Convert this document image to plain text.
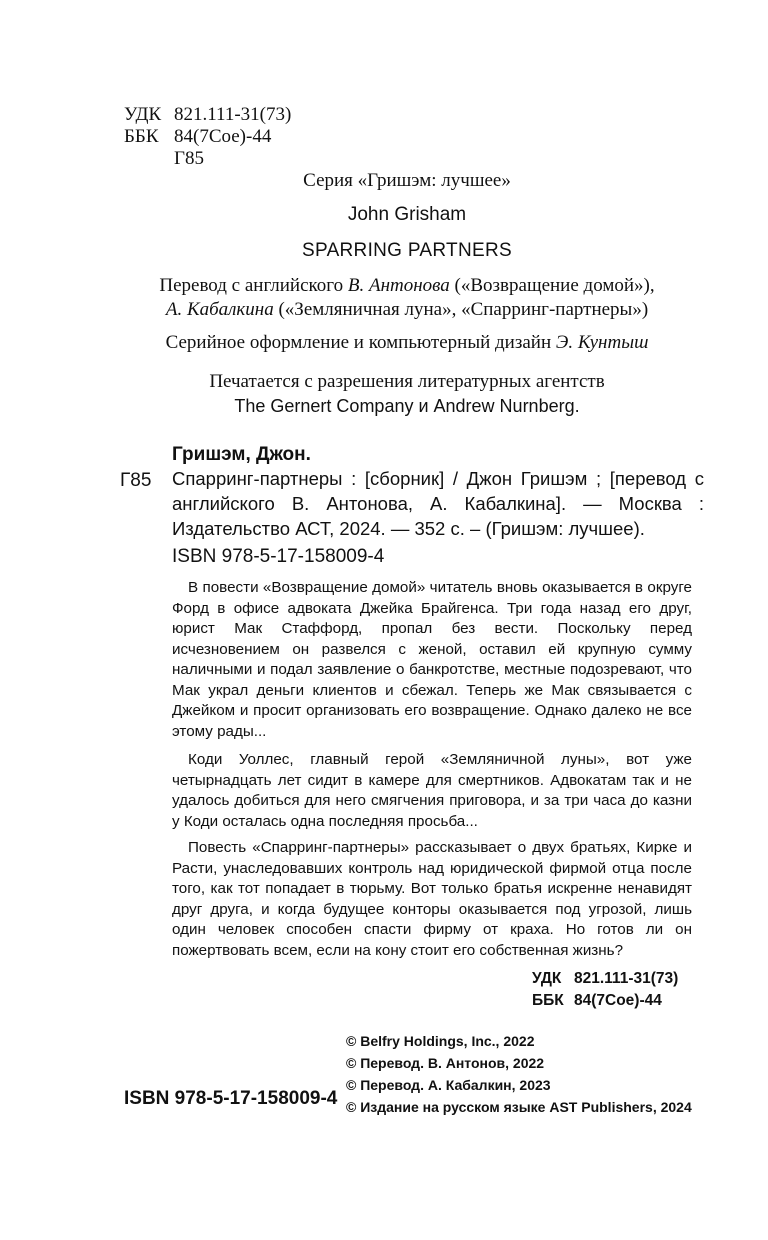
УДК 821.111-31(73)
ББК 84(7Сое)-44
Г85
Серия «Гришэм: лучшее»
John Grisham
SPARRING PARTNERS
Перевод с английского В. Антонова («Возвращение домой»),
А. Кабалкина («Земляничная луна», «Спарринг-партнеры»)
Серийное оформление и компьютерный дизайн Э. Кунтыш
Печатается с разрешения литературных агентств
The Gernert Company и Andrew Nurnberg.
Гришэм, Джон.
Г85 Спарринг-партнеры : [сборник] / Джон Гришэм ; [перевод с английского В. Антонова, А. Кабалкина]. — Москва : Издательство АСТ, 2024. — 352 с. – (Гришэм: лучшее).
ISBN 978-5-17-158009-4

В повести «Возвращение домой» читатель вновь оказывается в округе Форд в офисе адвоката Джейка Брайгенса. Три года назад его друг, юрист Мак Стаффорд, пропал без вести. Поскольку перед исчезновением он развелся с женой, оставил ей крупную сумму наличными и подал заявление о банкротстве, местные подозревают, что Мак украл деньги клиентов и сбежал. Теперь же Мак связывается с Джейком и просит организовать его возвращение. Однако далеко не все этому рады...

Коди Уоллес, главный герой «Земляничной луны», вот уже четырнадцать лет сидит в камере для смертников. Адвокатам так и не удалось добиться для него смягчения приговора, и за три часа до казни у Коди осталась одна последняя просьба...

Повесть «Спарринг-партнеры» рассказывает о двух братьях, Кирке и Расти, унаследовавших контроль над юридической фирмой отца после того, как тот попадает в тюрьму. Вот только братья искренне ненавидят друг друга, и когда будущее конторы оказывается под угрозой, лишь один человек способен спасти фирму от краха. Но готов ли он пожертвовать всем, если на кону стоит его собственная жизнь?

УДК 821.111-31(73)
ББК 84(7Сое)-44
© Belfry Holdings, Inc., 2022
© Перевод. В. Антонов, 2022
© Перевод. А. Кабалкин, 2023
© Издание на русском языке AST Publishers, 2024
ISBN 978-5-17-158009-4
